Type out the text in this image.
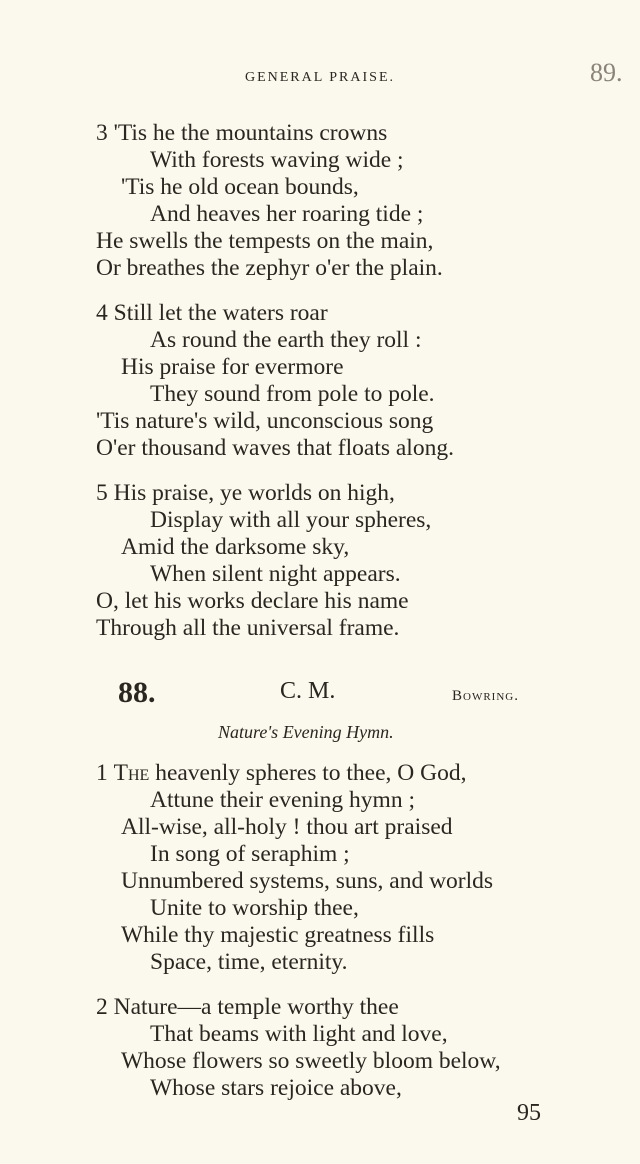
GENERAL PRAISE.	89.
3 'Tis he the mountains crowns
With forests waving wide ;
'Tis he old ocean bounds,
And heaves her roaring tide ;
He swells the tempests on the main,
Or breathes the zephyr o'er the plain.
4 Still let the waters roar
As round the earth they roll :
His praise for evermore
They sound from pole to pole.
'Tis nature's wild, unconscious song
O'er thousand waves that floats along.
5 His praise, ye worlds on high,
Display with all your spheres,
Amid the darksome sky,
When silent night appears.
O, let his works declare his name
Through all the universal frame.
88.	C. M.	Bowring.
Nature's Evening Hymn.
1 The heavenly spheres to thee, O God,
Attune their evening hymn ;
All-wise, all-holy ! thou art praised
In song of seraphim ;
Unnumbered systems, suns, and worlds
Unite to worship thee,
While thy majestic greatness fills
Space, time, eternity.
2 Nature—a temple worthy thee
That beams with light and love,
Whose flowers so sweetly bloom below,
Whose stars rejoice above,
95
